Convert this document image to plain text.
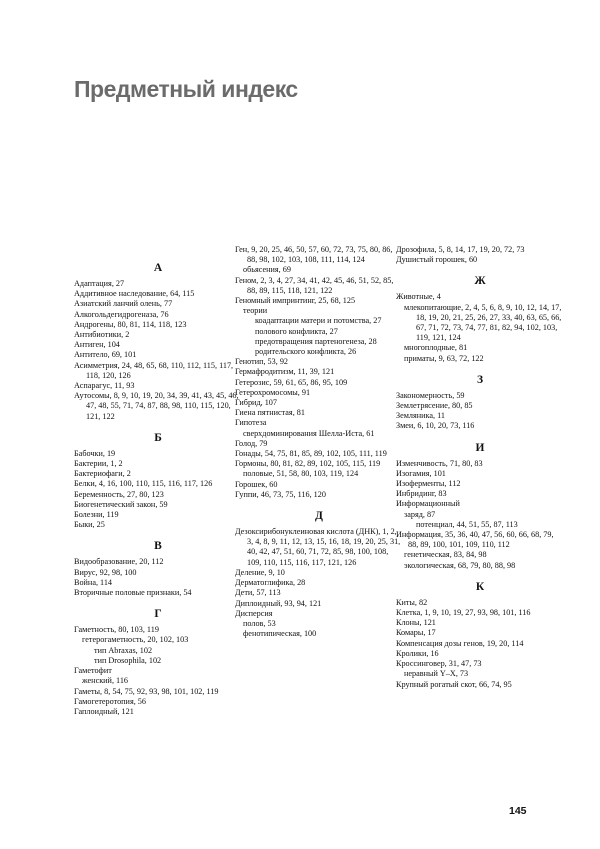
Предметный индекс
А
Адаптация, 27
Аддитивное наследование, 64, 115
Азиатский ланчий олень, 77
Алкогольдегидрогеназа, 76
Андрогены, 80, 81, 114, 118, 123
Антибиотики, 2
Антиген, 104
Антитело, 69, 101
Асимметрия, 24, 48, 65, 68, 110, 112, 115, 117, 118, 120, 126
Аспарагус, 11, 93
Аутосомы, 8, 9, 10, 19, 20, 34, 39, 41, 43, 45, 46, 47, 48, 55, 71, 74, 87, 88, 98, 110, 115, 120, 121, 122
Б
Бабочки, 19
Бактерии, 1, 2
Бактериофаги, 2
Белки, 4, 16, 100, 110, 115, 116, 117, 126
Беременность, 27, 80, 123
Биогенетический закон, 59
Болезни, 119
Быки, 25
В
Видообразование, 20, 112
Вирус, 92, 98, 100
Война, 114
Вторичные половые признаки, 54
Г
Гаметность, 80, 103, 119
гетерогаметность, 20, 102, 103
тип Abraxas, 102
тип Drosophila, 102
Гаметофит
женский, 116
Гаметы, 8, 54, 75, 92, 93, 98, 101, 102, 119
Гамогетеротопия, 56
Гаплоидный, 121
Ген, 9, 20, 25, 46, 50, 57, 60, 72, 73, 75, 80, 86, 88, 98, 102, 103, 108, 111, 114, 124
обьясения, 69
Геном, 2, 3, 4, 27, 34, 41, 42, 45, 46, 51, 52, 85, 88, 89, 115, 118, 121, 122
Геномный импринтинг, 25, 68, 125
теории
коадаптации матери и потомства, 27
полового конфликта, 27
предотвращения партеногенеза, 28
родительского конфликта, 26
Генотип, 53, 92
Гермафродитизм, 11, 39, 121
Гетерозис, 59, 61, 65, 86, 95, 109
Гетерохромосомы, 91
Гибрид, 107
Гиена пятнистая, 81
Гипотеза
сверхдоминирования Шелла-Иста, 61
Голод, 79
Гонады, 54, 75, 81, 85, 89, 102, 105, 111, 119
Гормоны, 80, 81, 82, 89, 102, 105, 115, 119
половые, 51, 58, 80, 103, 119, 124
Горошек, 60
Гуппи, 46, 73, 75, 116, 120
Д
Дезоксирибонуклеиновая кислота (ДНК), 1, 2, 3, 4, 8, 9, 11, 12, 13, 15, 16, 18, 19, 20, 25, 31, 40, 42, 47, 51, 60, 71, 72, 85, 98, 100, 108, 109, 110, 115, 116, 117, 121, 126
Деление, 9, 10
Дерматоглифика, 28
Дети, 57, 113
Диплоидный, 93, 94, 121
Дисперсия
полов, 53
фенотипическая, 100
Дрозофила, 5, 8, 14, 17, 19, 20, 72, 73
Душистый горошек, 60
Ж
Животные, 4
млекопитающие, 2, 4, 5, 6, 8, 9, 10, 12, 14, 17, 18, 19, 20, 21, 25, 26, 27, 33, 40, 63, 65, 66, 67, 71, 72, 73, 74, 77, 81, 82, 94, 102, 103, 119, 121, 124
многоплодные, 81
приматы, 9, 63, 72, 122
З
Закономерность, 59
Землетрясение, 80, 85
Земляника, 11
Змеи, 6, 10, 20, 73, 116
И
Изменчивость, 71, 80, 83
Изогамия, 101
Изоферменты, 112
Инбридинг, 83
Информационный
заряд, 87
потенциал, 44, 51, 55, 87, 113
Информация, 35, 36, 40, 47, 56, 60, 66, 68, 79, 88, 89, 100, 101, 109, 110, 112
генетическая, 83, 84, 98
экологическая, 68, 79, 80, 88, 98
К
Киты, 82
Клетка, 1, 9, 10, 19, 27, 93, 98, 101, 116
Клоны, 121
Комары, 17
Компенсация дозы генов, 19, 20, 114
Кролики, 16
Кроссинговер, 31, 47, 73
неравный Y–X, 73
Крупный рогатый скот, 66, 74, 95
145
